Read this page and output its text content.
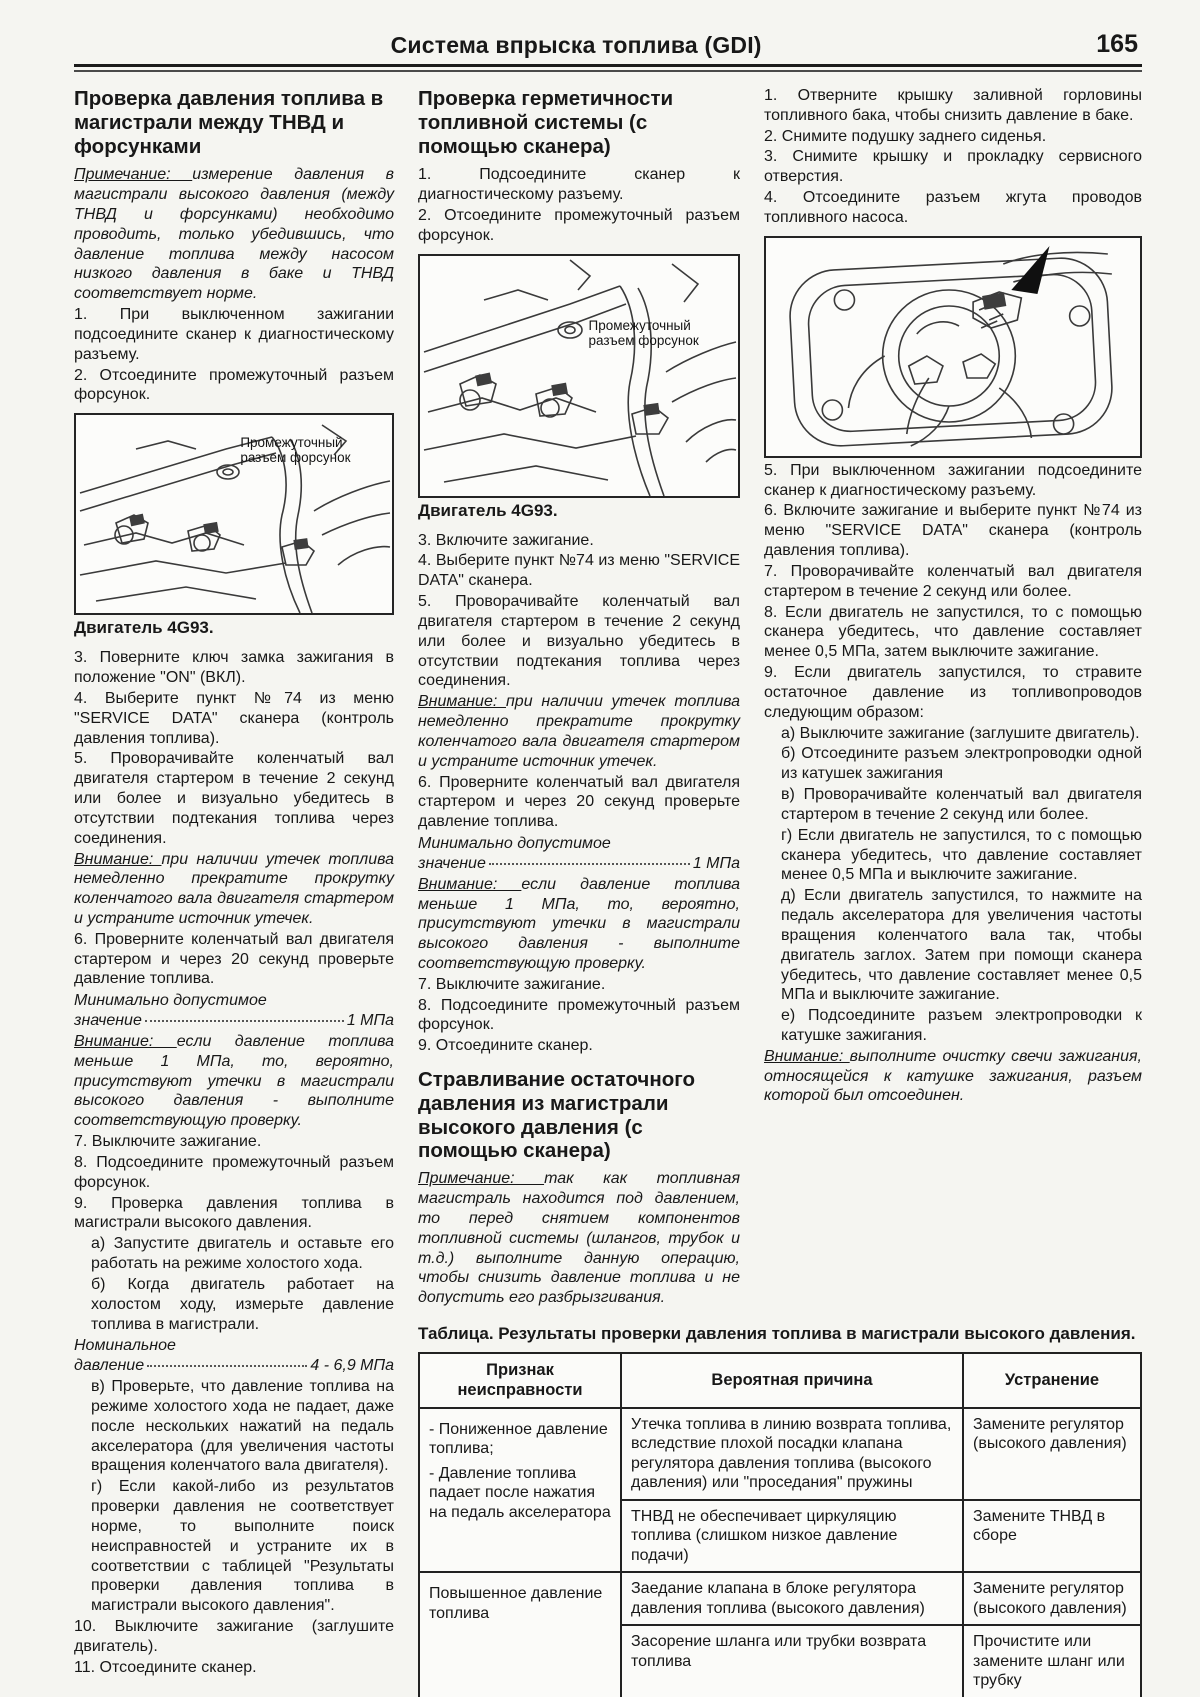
Система впрыска топлива (GDI)	165
Проверка давления топлива в магистрали между ТНВД и форсунками

Примечание: измерение давления в магистрали высокого давления (между ТНВД и форсунками) необходимо проводить, только убедившись, что давление топлива между насосом низкого давления в баке и ТНВД соответствует норме.

1. При выключенном зажигании подсоедините сканер к диагностическому разъему.

2. Отсоедините промежуточный разъем форсунок.

Промежуточный разъем форсунок
Двигатель 4G93.

3. Поверните ключ замка зажигания в положение "ON" (ВКЛ).

4. Выберите пункт №74 из меню "SERVICE DATA" сканера (контроль давления топлива).

5. Проворачивайте коленчатый вал двигателя стартером в течение 2 секунд или более и визуально убедитесь в отсутствии подтекания топлива через соединения.

Внимание: при наличии утечек топлива немедленно прекратите прокрутку коленчатого вала двигателя стартером и устраните источник утечек.

6. Проверните коленчатый вал двигателя стартером и через 20 секунд проверьте давление топлива.

Минимально допустимое
значение	1 МПа

Внимание: если давление топлива меньше 1 МПа, то, вероятно, присутствуют утечки в магистрали высокого давления - выполните соответствующую проверку.

7. Выключите зажигание.

8. Подсоедините промежуточный разъем форсунок.

9. Проверка давления топлива в магистрали высокого давления.

а) Запустите двигатель и оставьте его работать на режиме холостого хода.

б) Когда двигатель работает на холостом ходу, измерьте давление топлива в магистрали.

Номинальное
давление	4 - 6,9 МПа

в) Проверьте, что давление топлива на режиме холостого хода не падает, даже после нескольких нажатий на педаль акселератора (для увеличения частоты вращения коленчатого вала двигателя).

г) Если какой-либо из результатов проверки давления не соответствует норме, то выполните поиск неисправностей и устраните их в соответствии с таблицей "Результаты проверки давления топлива в магистрали высокого давления".

10. Выключите зажигание (заглушите двигатель).

11. Отсоедините сканер.

Проверка герметичности топливной системы (с помощью сканера)

1. Подсоедините сканер к диагностическому разъему.

2. Отсоедините промежуточный разъем форсунок.

Промежуточный разъем форсунок
Двигатель 4G93.

3. Включите зажигание.

4. Выберите пункт №74 из меню "SERVICE DATA" сканера.

5. Проворачивайте коленчатый вал двигателя стартером в течение 2 секунд или более и визуально убедитесь в отсутствии подтекания топлива через соединения.

Внимание: при наличии утечек топлива немедленно прекратите прокрутку коленчатого вала двигателя стартером и устраните источник утечек.

6. Проверните коленчатый вал двигателя стартером и через 20 секунд проверьте давление топлива.

Минимально допустимое
значение	1 МПа

Внимание: если давление топлива меньше 1 МПа, то, вероятно, присутствуют утечки в магистрали высокого давления - выполните соответствующую проверку.

7. Выключите зажигание.

8. Подсоедините промежуточный разъем форсунок.

9. Отсоедините сканер.

Стравливание остаточного давления из магистрали высокого давления (с помощью сканера)

Примечание: так как топливная магистраль находится под давлением, то перед снятием компонентов топливной системы (шлангов, трубок и т.д.) выполните данную операцию, чтобы снизить давление топлива и не допустить его разбрызгивания.

1. Отверните крышку заливной горловины топливного бака, чтобы снизить давление в баке.

2. Снимите подушку заднего сиденья.

3. Снимите крышку и прокладку сервисного отверстия.

4. Отсоедините разъем жгута проводов топливного насоса.

5. При выключенном зажигании подсоедините сканер к диагностическому разъему.

6. Включите зажигание и выберите пункт №74 из меню "SERVICE DATA" сканера (контроль давления топлива).

7. Проворачивайте коленчатый вал двигателя стартером в течение 2 секунд или более.

8. Если двигатель не запустился, то с помощью сканера убедитесь, что давление составляет менее 0,5 МПа, затем выключите зажигание.

9. Если двигатель запустился, то стравите остаточное давление из топливопроводов следующим образом:

а) Выключите зажигание (заглушите двигатель).

б) Отсоедините разъем электропроводки одной из катушек зажигания

в) Проворачивайте коленчатый вал двигателя стартером в течение 2 секунд или более.

г) Если двигатель не запустился, то с помощью сканера убедитесь, что давление составляет менее 0,5 МПа и выключите зажигание.

д) Если двигатель запустился, то нажмите на педаль акселератора для увеличения частоты вращения коленчатого вала так, чтобы двигатель заглох. Затем при помощи сканера убедитесь, что давление составляет менее 0,5 МПа и выключите зажигание.

е) Подсоедините разъем электропроводки к катушке зажигания.

Внимание: выполните очистку свечи зажигания, относящейся к катушке зажигания, разъем которой был отсоединен.

Таблица. Результаты проверки давления топлива в магистрали высокого давления.
Признак неисправности	Вероятная причина	Устранение

- Пониженное давление топлива;
- Давление топлива падает после нажатия на педаль акселератора	Утечка топлива в линию возврата топлива, вследствие плохой посадки клапана регулятора давления топлива (высокого давления) или "проседания" пружины	Замените регулятор (высокого давления)
	ТНВД не обеспечивает циркуляцию топлива (слишком низкое давление подачи)	Замените ТНВД в сборе

Повышенное давление топлива	Заедание клапана в блоке регулятора давления топлива (высокого давления)	Замените регулятор (высокого давления)
	Засорение шланга или трубки возврата топлива	Прочистите или замените шланг или трубку
